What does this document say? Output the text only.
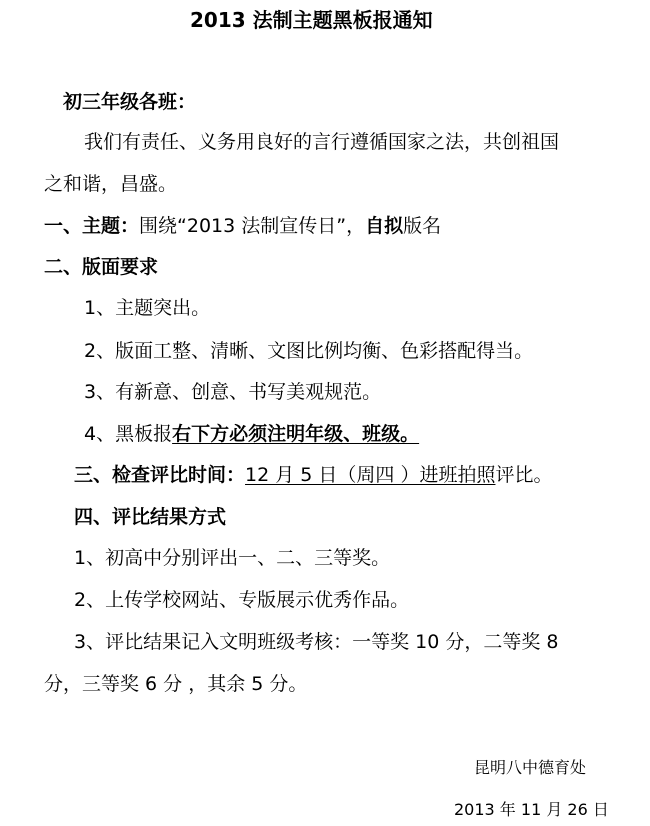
2013 法制主题黑板报通知
初三年级各班：
我们有责任、义务用良好的言行遵循国家之法，共创祖国
之和谐，昌盛。
一、主题：围绕“2013 法制宣传日”，自拟版名
二、版面要求
1、主题突出。
2、版面工整、清晰、文图比例均衡、色彩搭配得当。
3、有新意、创意、书写美观规范。
4、黑板报右下方必须注明年级、班级。
三、检查评比时间：12 月 5 日（周四 ）进班拍照评比。
四、评比结果方式
1、初高中分别评出一、二、三等奖。
2、上传学校网站、专版展示优秀作品。
3、评比结果记入文明班级考核：一等奖 10 分，二等奖 8
分，三等奖 6 分 ，其余 5 分。
昆明八中德育处
2013 年 11 月 26 日
